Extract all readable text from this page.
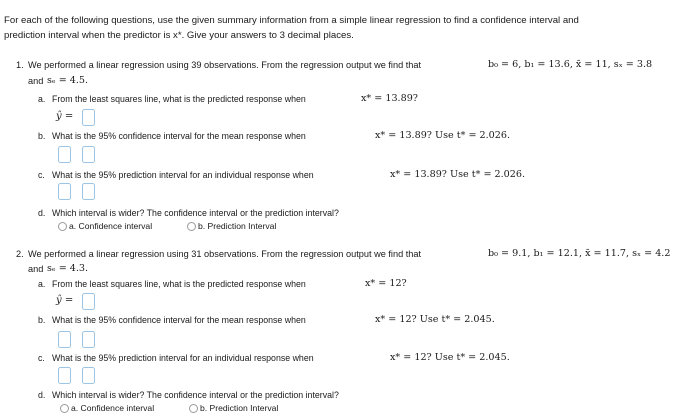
For each of the following questions, use the given summary information from a simple linear regression to find a confidence interval and
prediction interval when the predictor is x*. Give your answers to 3 decimal places.
1. We performed a linear regression using 39 observations. From the regression output we find that	b₀ = 6, b₁ = 13.6, x̄ = 11, sₓ = 3.8
and sₑ = 4.5.
a. From the least squares line, what is the predicted response when	x* = 13.89?
ŷ =
b. What is the 95% confidence interval for the mean response when	x* = 13.89? Use t* = 2.026.
c. What is the 95% prediction interval for an individual response when	x* = 13.89? Use t* = 2.026.
d. Which interval is wider? The confidence interval or the prediction interval?
a. Confidence interval	b. Prediction Interval
2. We performed a linear regression using 31 observations. From the regression output we find that	b₀ = 9.1, b₁ = 12.1, x̄ = 11.7, sₓ = 4.2
and sₑ = 4.3.
a. From the least squares line, what is the predicted response when	x* = 12?
ŷ =
b. What is the 95% confidence interval for the mean response when	x* = 12? Use t* = 2.045.
c. What is the 95% prediction interval for an individual response when	x* = 12? Use t* = 2.045.
d. Which interval is wider? The confidence interval or the prediction interval?
a. Confidence interval	b. Prediction Interval
